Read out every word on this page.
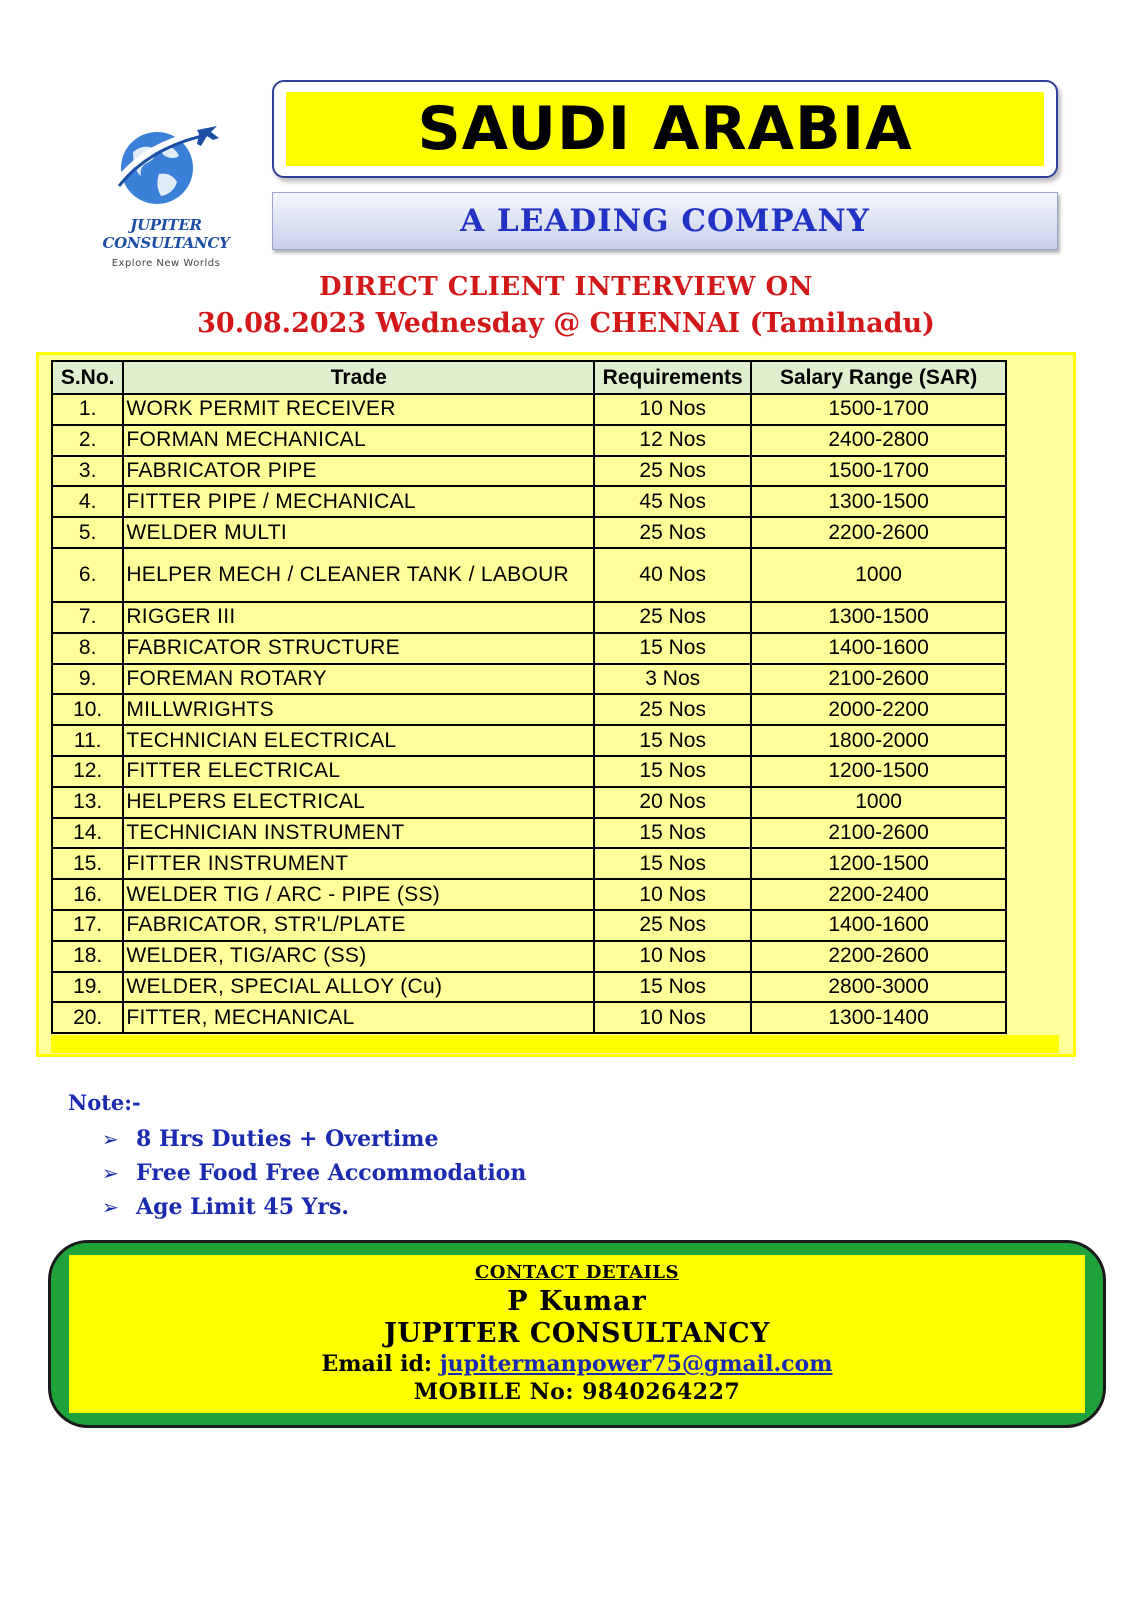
JUPITER CONSULTANCY
Explore New Worlds
SAUDI ARABIA
A LEADING COMPANY
DIRECT CLIENT INTERVIEW ON
30.08.2023 Wednesday @ CHENNAI (Tamilnadu)
S.No.	Trade	Requirements	Salary Range (SAR)
1.	WORK PERMIT RECEIVER	10 Nos	1500-1700
2.	FORMAN MECHANICAL	12 Nos	2400-2800
3.	FABRICATOR PIPE	25 Nos	1500-1700
4.	FITTER PIPE / MECHANICAL	45 Nos	1300-1500
5.	WELDER MULTI	25 Nos	2200-2600
6.	HELPER MECH / CLEANER TANK / LABOUR	40 Nos	1000
7.	RIGGER III	25 Nos	1300-1500
8.	FABRICATOR STRUCTURE	15 Nos	1400-1600
9.	FOREMAN ROTARY	3 Nos	2100-2600
10.	MILLWRIGHTS	25 Nos	2000-2200
11.	TECHNICIAN ELECTRICAL	15 Nos	1800-2000
12.	FITTER ELECTRICAL	15 Nos	1200-1500
13.	HELPERS ELECTRICAL	20 Nos	1000
14.	TECHNICIAN INSTRUMENT	15 Nos	2100-2600
15.	FITTER INSTRUMENT	15 Nos	1200-1500
16.	WELDER TIG / ARC - PIPE (SS)	10 Nos	2200-2400
17.	FABRICATOR, STR'L/PLATE	25 Nos	1400-1600
18.	WELDER, TIG/ARC (SS)	10 Nos	2200-2600
19.	WELDER, SPECIAL ALLOY (Cu)	15 Nos	2800-3000
20.	FITTER, MECHANICAL	10 Nos	1300-1400
Note:-
➢ 8 Hrs Duties + Overtime
➢ Free Food Free Accommodation
➢ Age Limit 45 Yrs.
CONTACT DETAILS
P Kumar
JUPITER CONSULTANCY
Email id: jupitermanpower75@gmail.com
MOBILE No: 9840264227
